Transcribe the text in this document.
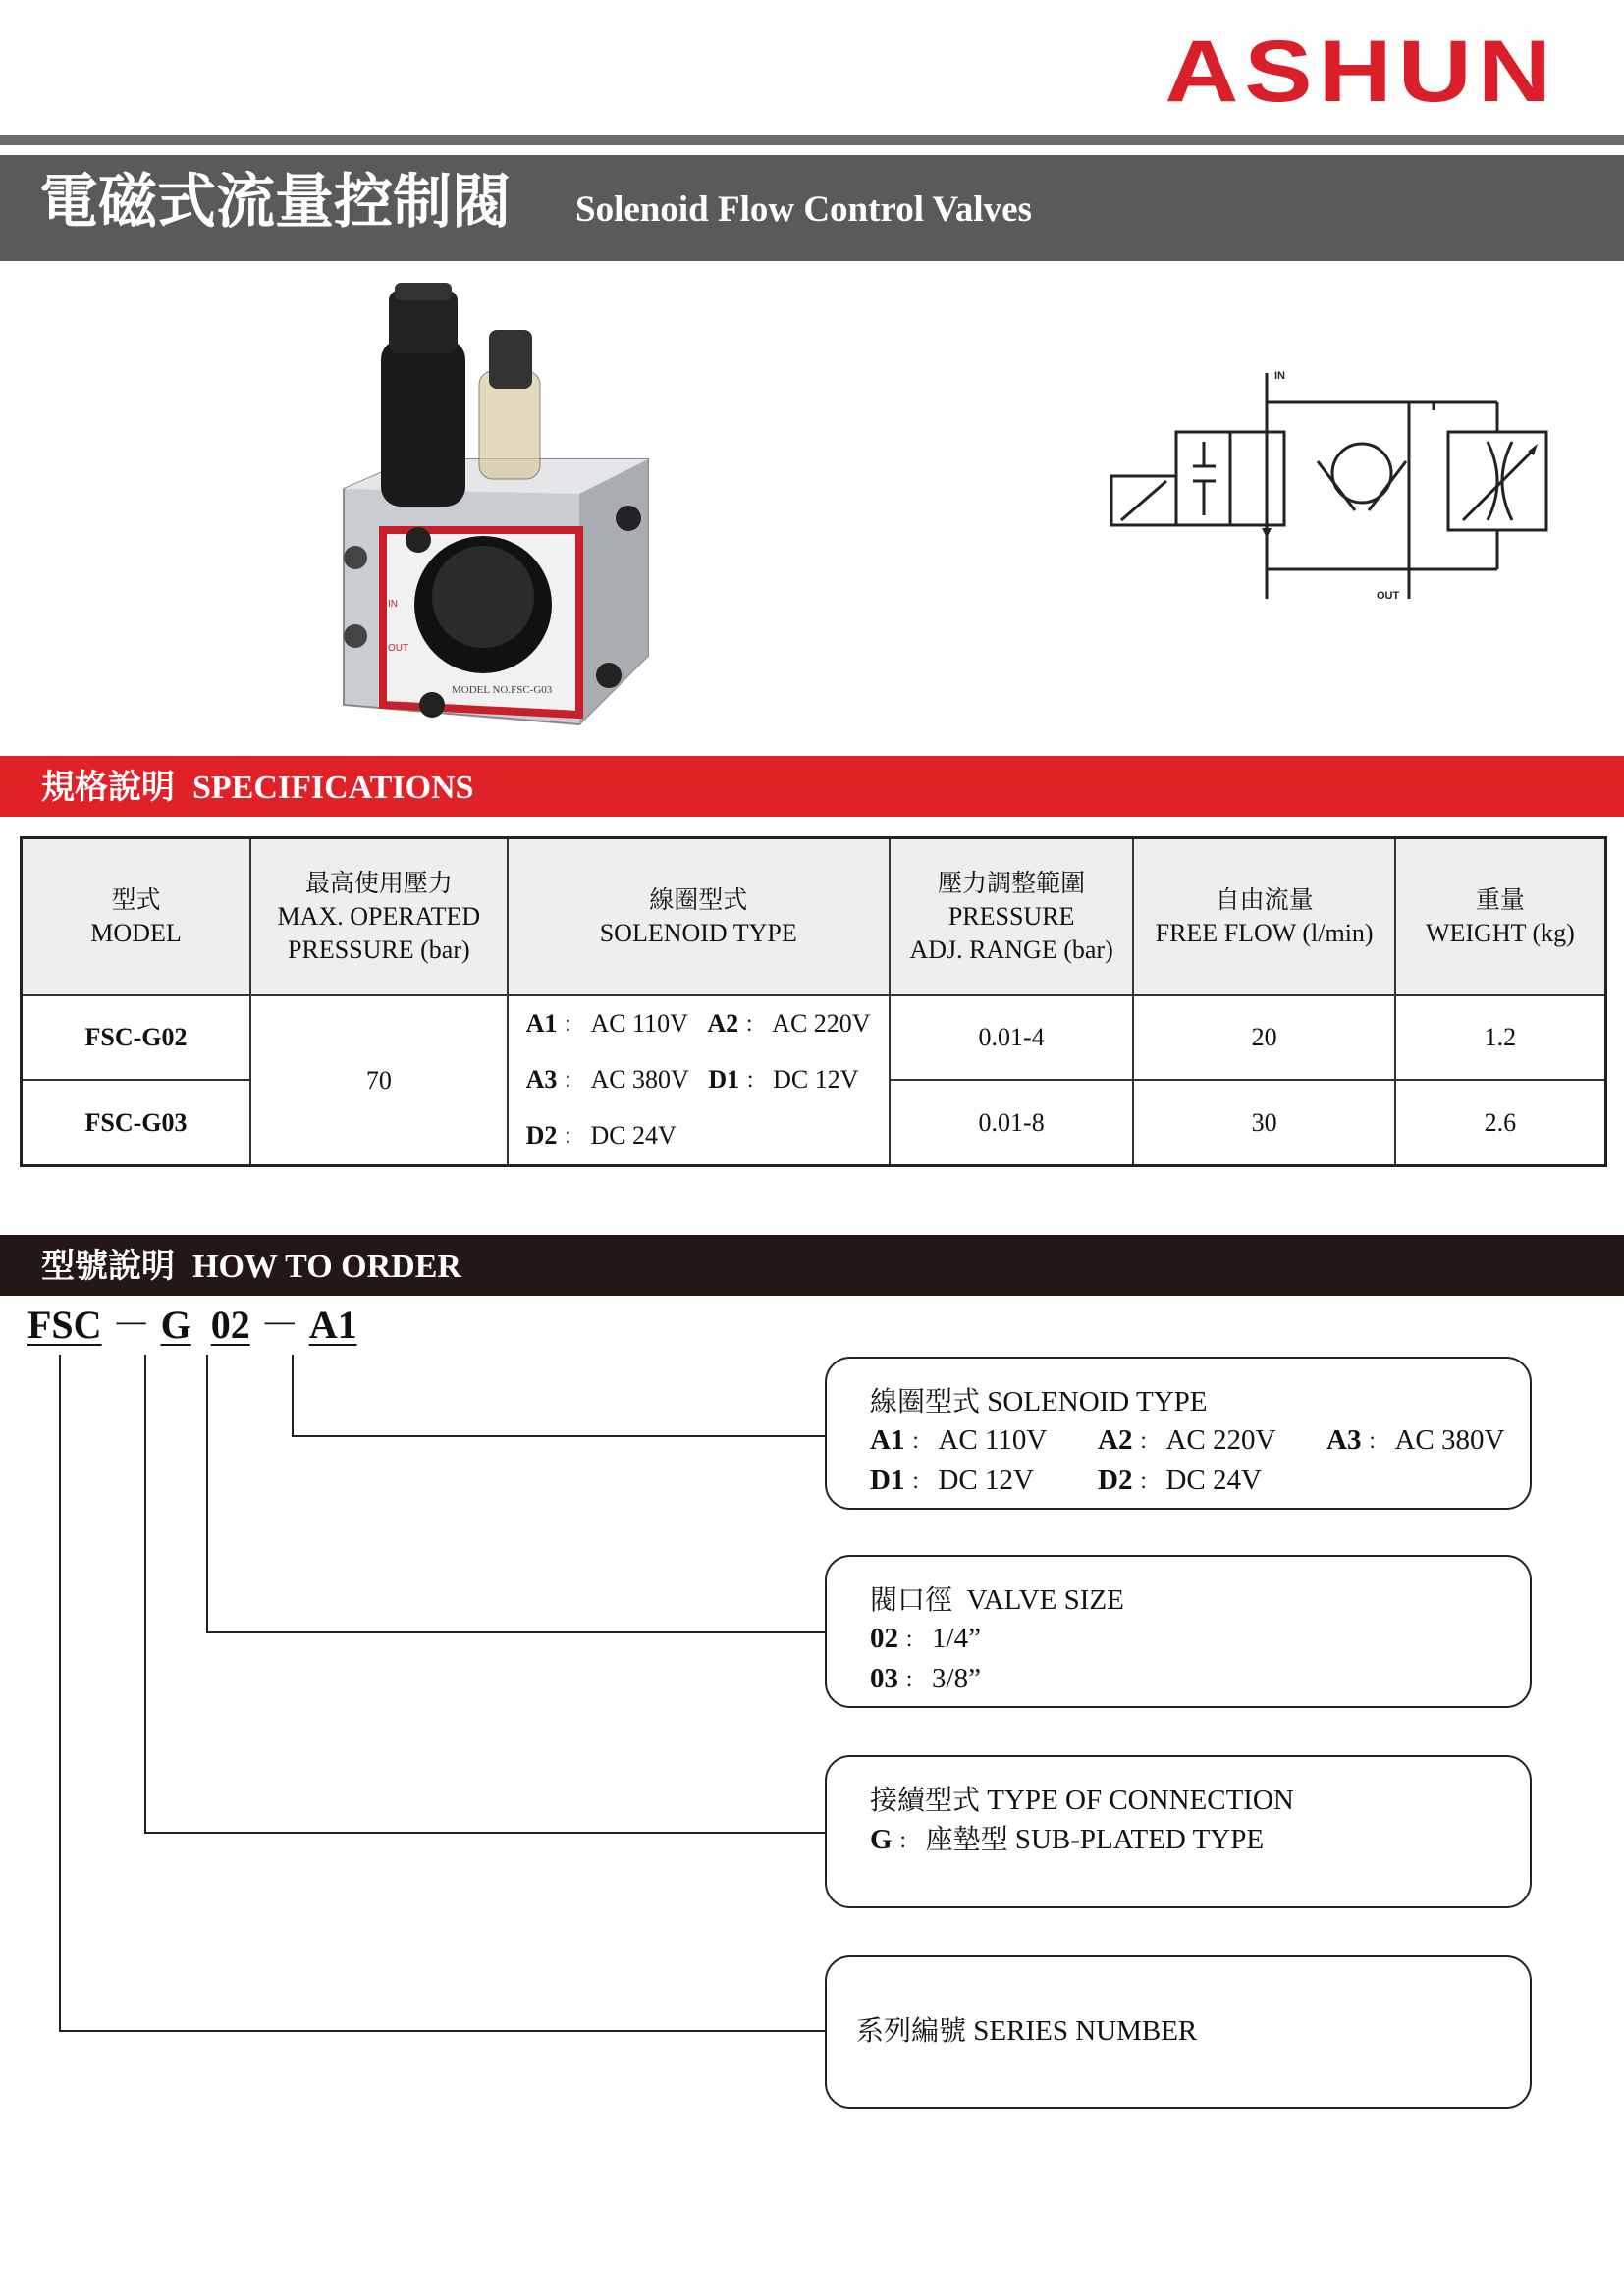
ASHUN
電磁式流量控制閥 Solenoid Flow Control Valves
IN
OUT
MODEL NO.FSC-G03
IN
OUT
規格說明 SPECIFICATIONS
型式
MODEL	最高使用壓力
MAX. OPERATED
PRESSURE (bar)	線圈型式
SOLENOID TYPE	壓力調整範圍
PRESSURE
ADJ. RANGE (bar)	自由流量
FREE FLOW (l/min)	重量
WEIGHT (kg)
FSC-G02	70	A1 ： AC 110V A2 ： AC 220V
A3 ： AC 380V D1 ： DC 12V
D2 ： DC 24V	0.01-4	20	1.2
FSC-G03			0.01-8	30	2.6
型號說明 HOW TO ORDER
FSC － G 02 － A1
線圈型式 SOLENOID TYPE
A1 ： AC 110V A2 ： AC 220V A3 ： AC 380V
D1 ： DC 12V D2 ： DC 24V
閥口徑 VALVE SIZE
02 ： 1/4”
03 ： 3/8”
接續型式 TYPE OF CONNECTION
G ： 座墊型 SUB-PLATED TYPE
系列編號 SERIES NUMBER
